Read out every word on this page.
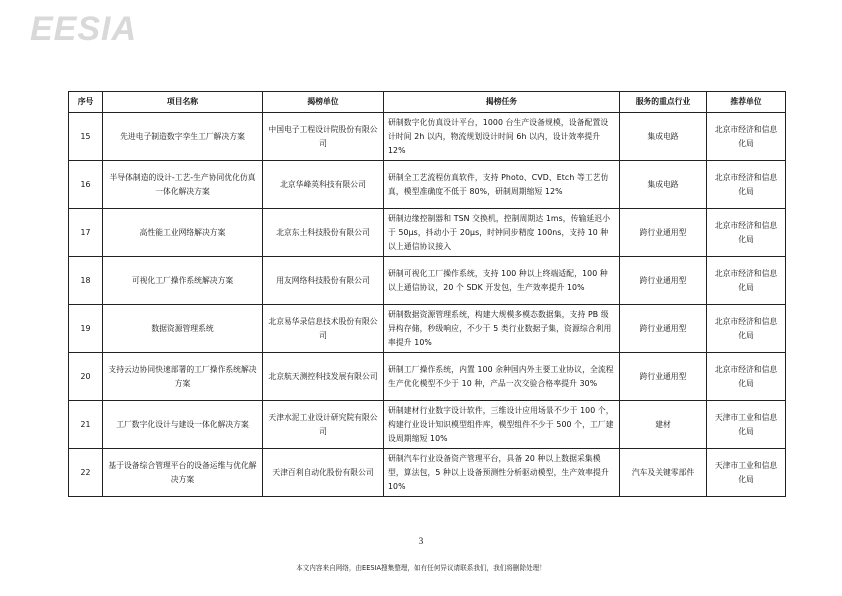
EESIA
序号	项目名称	揭榜单位	揭榜任务	服务的重点行业	推荐单位
15	先进电子制造数字孪生工厂解决方案	中国电子工程设计院股份有限公司	研制数字化仿真设计平台，1000 台生产设备规模，设备配置设计时间 2h 以内，物流规划设计时间 6h 以内，设计效率提升 12%	集成电路	北京市经济和信息化局
16	半导体制造的设计-工艺-生产协同优化仿真一体化解决方案	北京华峰英科技有限公司	研制全工艺流程仿真软件，支持 Photo、CVD、Etch 等工艺仿真，模型准确度不低于 80%，研制周期缩短 12%	集成电路	北京市经济和信息化局
17	高性能工业网络解决方案	北京东土科技股份有限公司	研制边缘控制器和 TSN 交换机，控制周期达 1ms，传输延迟小于 50μs，抖动小于 20μs，时钟同步精度 100ns，支持 10 种以上通信协议接入	跨行业通用型	北京市经济和信息化局
18	可视化工厂操作系统解决方案	用友网络科技股份有限公司	研制可视化工厂操作系统，支持 100 种以上终端适配，100 种以上通信协议，20 个 SDK 开发包，生产效率提升 10%	跨行业通用型	北京市经济和信息化局
19	数据资源管理系统	北京易华录信息技术股份有限公司	研制数据资源管理系统，构建大规模多模态数据集，支持 PB 级异构存储，秒级响应，不少于 5 类行业数据子集，资源综合利用率提升 10%	跨行业通用型	北京市经济和信息化局
20	支持云边协同快速部署的工厂操作系统解决方案	北京航天测控科技发展有限公司	研制工厂操作系统，内置 100 余种国内外主要工业协议，全流程生产优化模型不少于 10 种，产品一次交验合格率提升 30%	跨行业通用型	北京市经济和信息化局
21	工厂数字化设计与建设一体化解决方案	天津水泥工业设计研究院有限公司	研制建材行业数字设计软件，三维设计应用场景不少于 100 个，构建行业设计知识模型组件库，模型组件不少于 500 个，工厂建设周期缩短 10%	建材	天津市工业和信息化局
22	基于设备综合管理平台的设备运维与优化解决方案	天津百利自动化股份有限公司	研制汽车行业设备资产管理平台，具备 20 种以上数据采集模型，算法包，5 种以上设备预测性分析驱动模型，生产效率提升 10%	汽车及关键零部件	天津市工业和信息化局
3
本文内容来自网络，由EESIA搜集整理，如有任何异议请联系我们，我们将删除处理！
